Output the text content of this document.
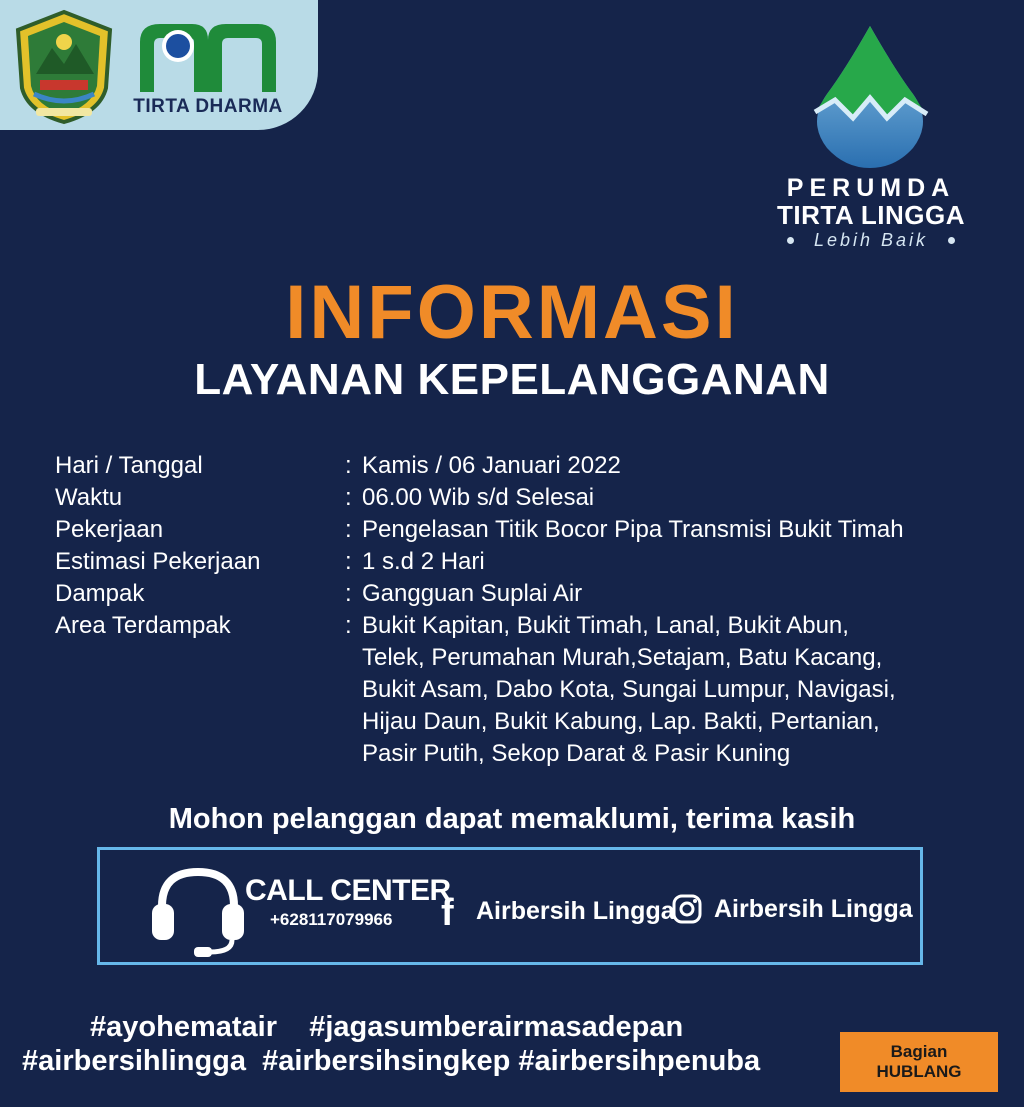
TIRTA DHARMA
PERUMDA
TIRTA LINGGA
Lebih Baik
INFORMASI
LAYANAN KEPELANGGANAN
Hari / Tanggal	: Kamis / 06 Januari 2022
Waktu	: 06.00 Wib s/d Selesai
Pekerjaan	: Pengelasan Titik Bocor Pipa Transmisi Bukit Timah
Estimasi Pekerjaan	: 1 s.d 2 Hari
Dampak	: Gangguan Suplai Air
Area Terdampak	: Bukit Kapitan, Bukit Timah, Lanal, Bukit Abun,
Telek, Perumahan Murah,Setajam, Batu Kacang,
Bukit Asam, Dabo Kota, Sungai Lumpur, Navigasi,
Hijau Daun, Bukit Kabung, Lap. Bakti, Pertanian,
Pasir Putih, Sekop Darat & Pasir Kuning
Mohon pelanggan dapat memaklumi, terima kasih
CALL CENTER
+628117079966 f Airbersih Lingga Airbersih Lingga
#ayohematair    #jagasumberairmasadepan
#airbersihlingga  #airbersihsingkep #airbersihpenuba	Bagian
HUBLANG
